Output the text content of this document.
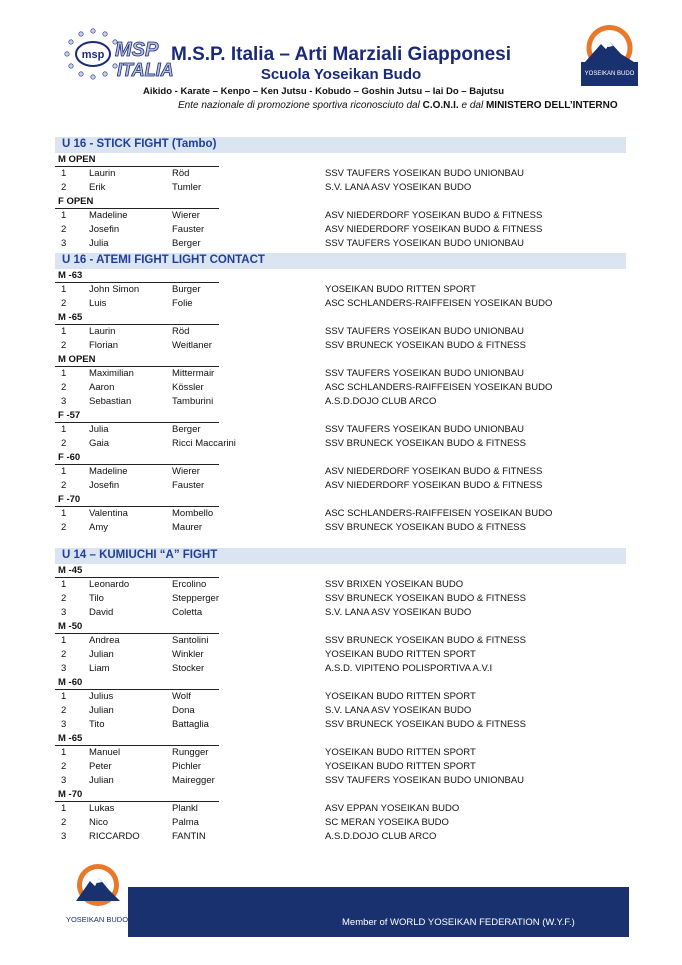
msp MSP
ITALIA
M.S.P. Italia – Arti Marziali Giapponesi
Scuola Yoseikan Budo
Aikido - Karate – Kenpo – Ken Jutsu - Kobudo – Goshin Jutsu – Iai Do – Bajutsu
Ente nazionale di promozione sportiva riconosciuto dal C.O.N.I. e dal MINISTERO DELL’INTERNO
YOSEIKAN BUDO
U 16 - STICK FIGHT (Tambo)
M OPEN
1 Laurin	Röd	SSV TAUFERS YOSEIKAN BUDO UNIONBAU
2 Erik	Tumler	S.V. LANA ASV YOSEIKAN BUDO
F OPEN
1 Madeline	Wierer	ASV NIEDERDORF YOSEIKAN BUDO & FITNESS
2 Josefin	Fauster	ASV NIEDERDORF YOSEIKAN BUDO & FITNESS
3 Julia	Berger	SSV TAUFERS YOSEIKAN BUDO UNIONBAU
U 16 - ATEMI FIGHT LIGHT CONTACT
M -63
1 John Simon	Burger	YOSEIKAN BUDO RITTEN SPORT
2 Luis	Folie	ASC SCHLANDERS-RAIFFEISEN YOSEIKAN BUDO
M -65
1 Laurin	Röd	SSV TAUFERS YOSEIKAN BUDO UNIONBAU
2 Florian	Weitlaner	SSV BRUNECK YOSEIKAN BUDO & FITNESS
M OPEN
1 Maximilian	Mittermair	SSV TAUFERS YOSEIKAN BUDO UNIONBAU
2 Aaron	Kössler	ASC SCHLANDERS-RAIFFEISEN YOSEIKAN BUDO
3 Sebastian	Tamburini	A.S.D.DOJO CLUB ARCO
F -57
1 Julia	Berger	SSV TAUFERS YOSEIKAN BUDO UNIONBAU
2 Gaia	Ricci Maccarini	SSV BRUNECK YOSEIKAN BUDO & FITNESS
F -60
1 Madeline	Wierer	ASV NIEDERDORF YOSEIKAN BUDO & FITNESS
2 Josefin	Fauster	ASV NIEDERDORF YOSEIKAN BUDO & FITNESS
F -70
1 Valentina	Mombello	ASC SCHLANDERS-RAIFFEISEN YOSEIKAN BUDO
2 Amy	Maurer	SSV BRUNECK YOSEIKAN BUDO & FITNESS
U 14 – KUMIUCHI “A” FIGHT
M -45
1 Leonardo	Ercolino	SSV BRIXEN YOSEIKAN BUDO
2 Tilo	Stepperger	SSV BRUNECK YOSEIKAN BUDO & FITNESS
3 David	Coletta	S.V. LANA ASV YOSEIKAN BUDO
M -50
1 Andrea	Santolini	SSV BRUNECK YOSEIKAN BUDO & FITNESS
2 Julian	Winkler	YOSEIKAN BUDO RITTEN SPORT
3 Liam	Stocker	A.S.D. VIPITENO POLISPORTIVA A.V.I
M -60
1 Julius	Wolf	YOSEIKAN BUDO RITTEN SPORT
2 Julian	Dona	S.V. LANA ASV YOSEIKAN BUDO
3 Tito	Battaglia	SSV BRUNECK YOSEIKAN BUDO & FITNESS
M -65
1 Manuel	Rungger	YOSEIKAN BUDO RITTEN SPORT
2 Peter	Pichler	YOSEIKAN BUDO RITTEN SPORT
3 Julian	Mairegger	SSV TAUFERS YOSEIKAN BUDO UNIONBAU
M -70
1 Lukas	Plankl	ASV EPPAN YOSEIKAN BUDO
2 Nico	Palma	SC MERAN YOSEIKA BUDO
3 RICCARDO	FANTIN	A.S.D.DOJO CLUB ARCO
YOSEIKAN BUDO	Member of WORLD YOSEIKAN FEDERATION (W.Y.F.)
